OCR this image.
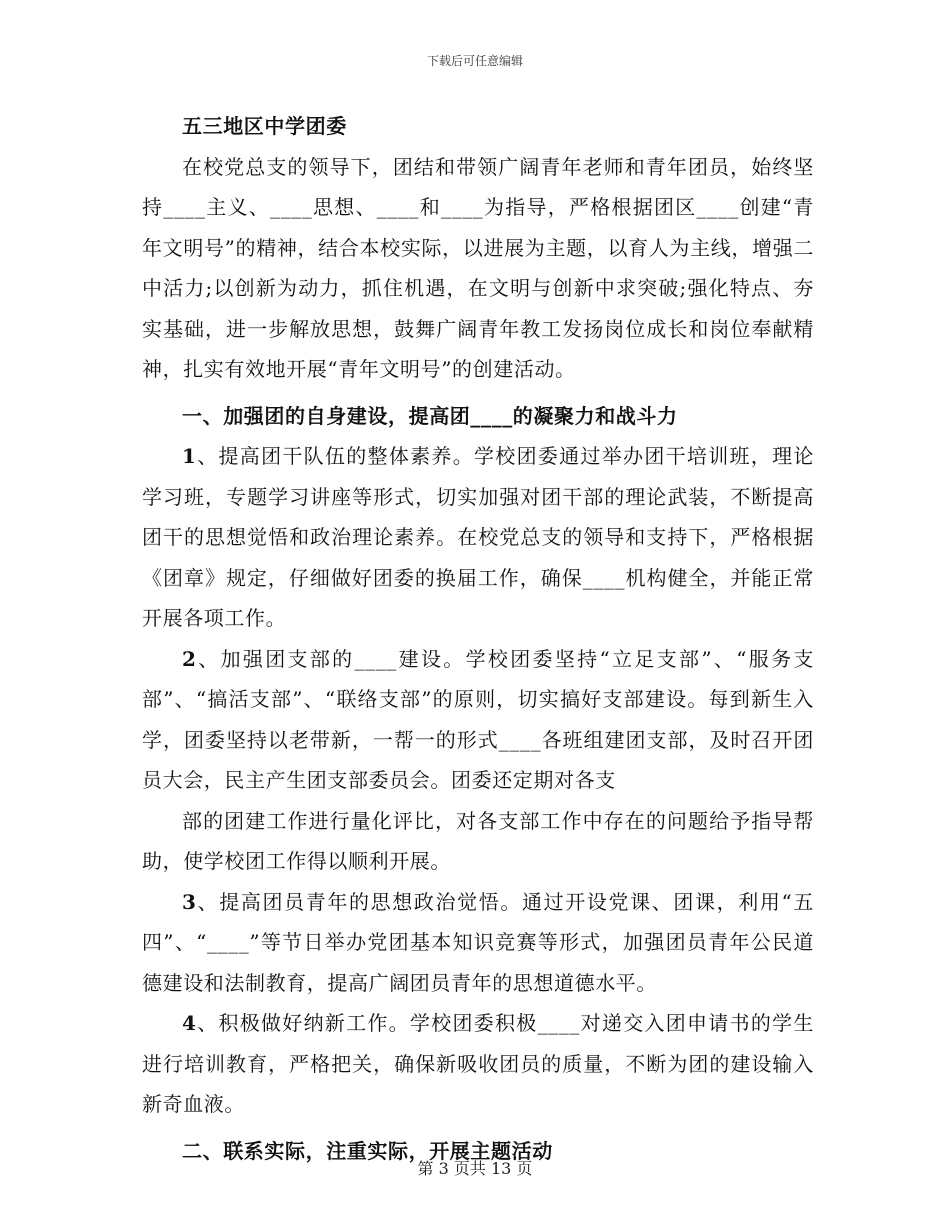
下载后可任意编辑

五三地区中学团委

在校党总支的领导下，团结和带领广阔青年老师和青年团员，始终坚持____主义、____思想、____和____为指导，严格根据团区____创建“青年文明号”的精神，结合本校实际，以进展为主题，以育人为主线，增强二中活力;以创新为动力，抓住机遇，在文明与创新中求突破;强化特点、夯实基础，进一步解放思想，鼓舞广阔青年教工发扬岗位成长和岗位奉献精神，扎实有效地开展“青年文明号”的创建活动。

一、加强团的自身建设，提高团____的凝聚力和战斗力

1、提高团干队伍的整体素养。学校团委通过举办团干培训班，理论学习班，专题学习讲座等形式，切实加强对团干部的理论武装，不断提高团干的思想觉悟和政治理论素养。在校党总支的领导和支持下，严格根据《团章》规定，仔细做好团委的换届工作，确保____机构健全，并能正常开展各项工作。

2、加强团支部的____建设。学校团委坚持“立足支部”、“服务支部”、“搞活支部”、“联络支部”的原则，切实搞好支部建设。每到新生入学，团委坚持以老带新，一帮一的形式____各班组建团支部，及时召开团员大会，民主产生团支部委员会。团委还定期对各支

部的团建工作进行量化评比，对各支部工作中存在的问题给予指导帮助，使学校团工作得以顺利开展。

3、提高团员青年的思想政治觉悟。通过开设党课、团课，利用“五四”、“____”等节日举办党团基本知识竞赛等形式，加强团员青年公民道德建设和法制教育，提高广阔团员青年的思想道德水平。

4、积极做好纳新工作。学校团委积极____对递交入团申请书的学生进行培训教育，严格把关，确保新吸收团员的质量，不断为团的建设输入新奇血液。

二、联系实际，注重实际，开展主题活动

第 3 页共 13 页
